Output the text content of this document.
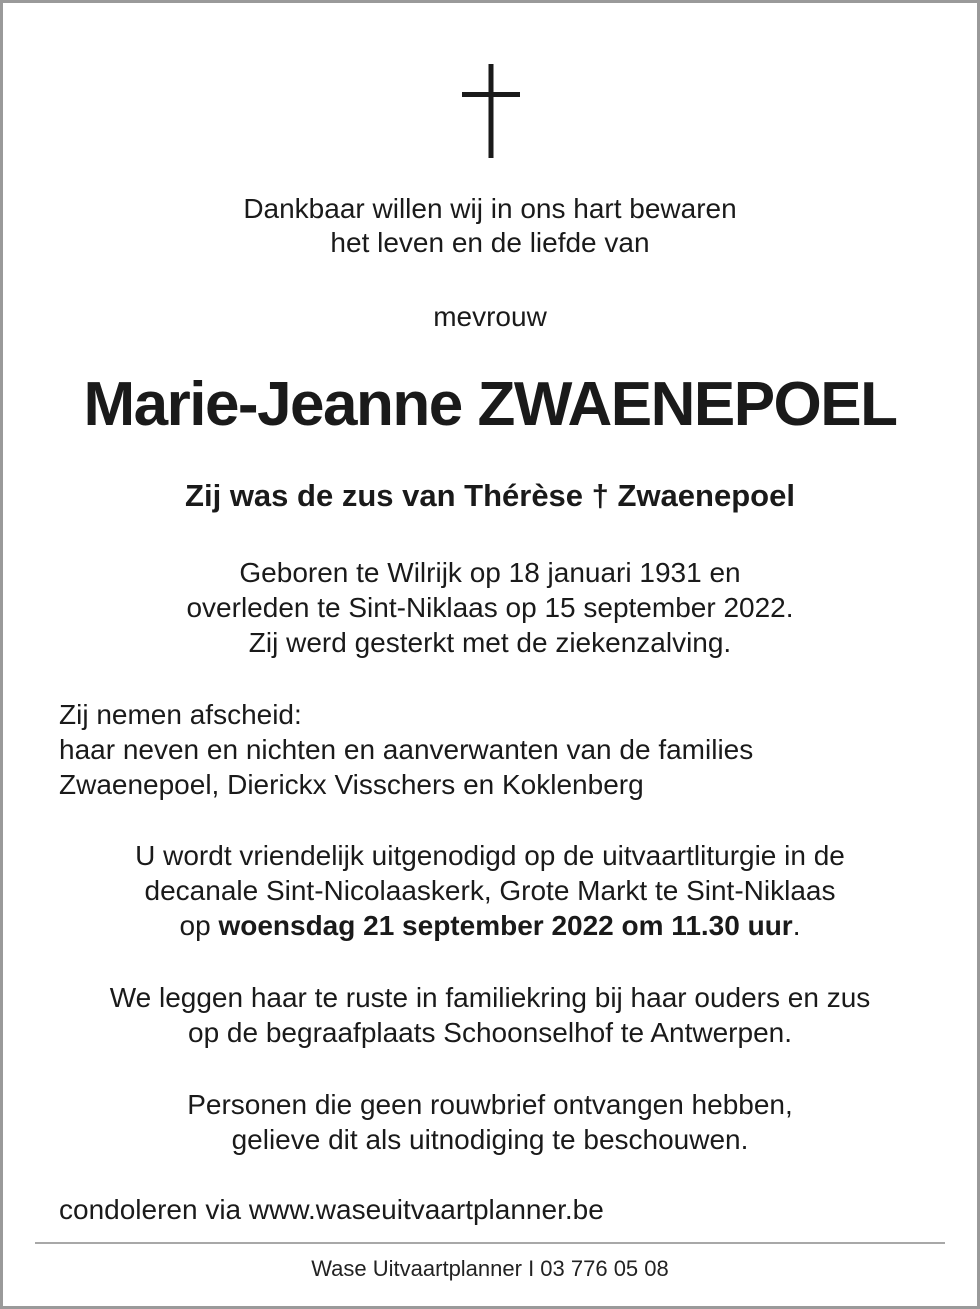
Dankbaar willen wij in ons hart bewaren
het leven en de liefde van
mevrouw
Marie-Jeanne ZWAENEPOEL
Zij was de zus van Thérèse † Zwaenepoel
Geboren te Wilrijk op 18 januari 1931 en
overleden te Sint-Niklaas op 15 september 2022.
Zij werd gesterkt met de ziekenzalving.
Zij nemen afscheid:
haar neven en nichten en aanverwanten van de families
Zwaenepoel, Dierickx Visschers en Koklenberg
U wordt vriendelijk uitgenodigd op de uitvaartliturgie in de
decanale Sint-Nicolaaskerk, Grote Markt te Sint-Niklaas
op woensdag 21 september 2022 om 11.30 uur.
We leggen haar te ruste in familiekring bij haar ouders en zus
op de begraafplaats Schoonselhof te Antwerpen.
Personen die geen rouwbrief ontvangen hebben,
gelieve dit als uitnodiging te beschouwen.
condoleren via www.waseuitvaartplanner.be
Wase Uitvaartplanner I 03 776 05 08
